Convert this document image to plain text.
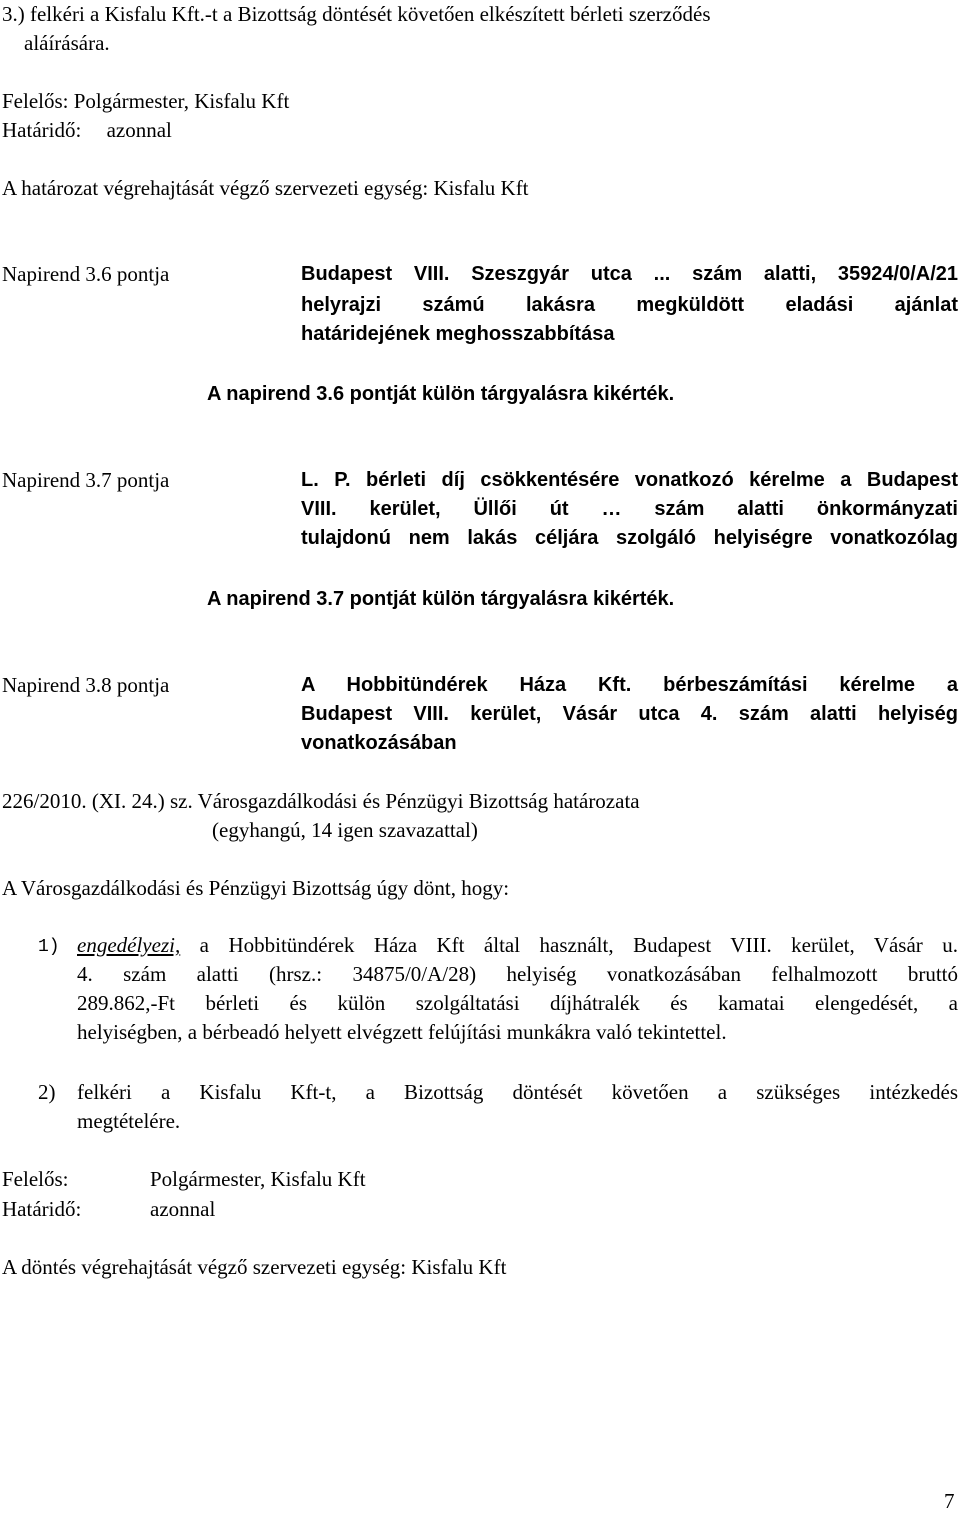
3.) felkéri a Kisfalu Kft.-t a Bizottság döntését követően elkészített bérleti szerződés
aláírására.
Felelős: Polgármester, Kisfalu Kft
Határidő: azonnal
A határozat végrehajtását végző szervezeti egység: Kisfalu Kft
Napirend 3.6 pontja	Budapest VIII. Szeszgyár utca ... szám alatti, 35924/0/A/21
helyrajzi számú lakásra megküldött eladási ajánlat
határidejének meghosszabbítása
A napirend 3.6 pontját külön tárgyalásra kikérték.
Napirend 3.7 pontja	L. P. bérleti díj csökkentésére vonatkozó kérelme a Budapest
VIII. kerület, Üllői út … szám alatti önkormányzati
tulajdonú nem lakás céljára szolgáló helyiségre vonatkozólag
A napirend 3.7 pontját külön tárgyalásra kikérték.
Napirend 3.8 pontja	A Hobbitündérek Háza Kft. bérbeszámítási kérelme a
Budapest VIII. kerület, Vásár utca 4. szám alatti helyiség
vonatkozásában
226/2010. (XI. 24.) sz. Városgazdálkodási és Pénzügyi Bizottság határozata
(egyhangú, 14 igen szavazattal)
A Városgazdálkodási és Pénzügyi Bizottság úgy dönt, hogy:
1) engedélyezi, a Hobbitündérek Háza Kft által használt, Budapest VIII. kerület, Vásár u.
4. szám alatti (hrsz.: 34875/0/A/28) helyiség vonatkozásában felhalmozott bruttó
289.862,-Ft bérleti és külön szolgáltatási díjhátralék és kamatai elengedését, a
helyiségben, a bérbeadó helyett elvégzett felújítási munkákra való tekintettel.
2) felkéri a Kisfalu Kft-t, a Bizottság döntését követően a szükséges intézkedés
megtételére.
Felelős:	Polgármester, Kisfalu Kft
Határidő:	azonnal
A döntés végrehajtását végző szervezeti egység: Kisfalu Kft
7
